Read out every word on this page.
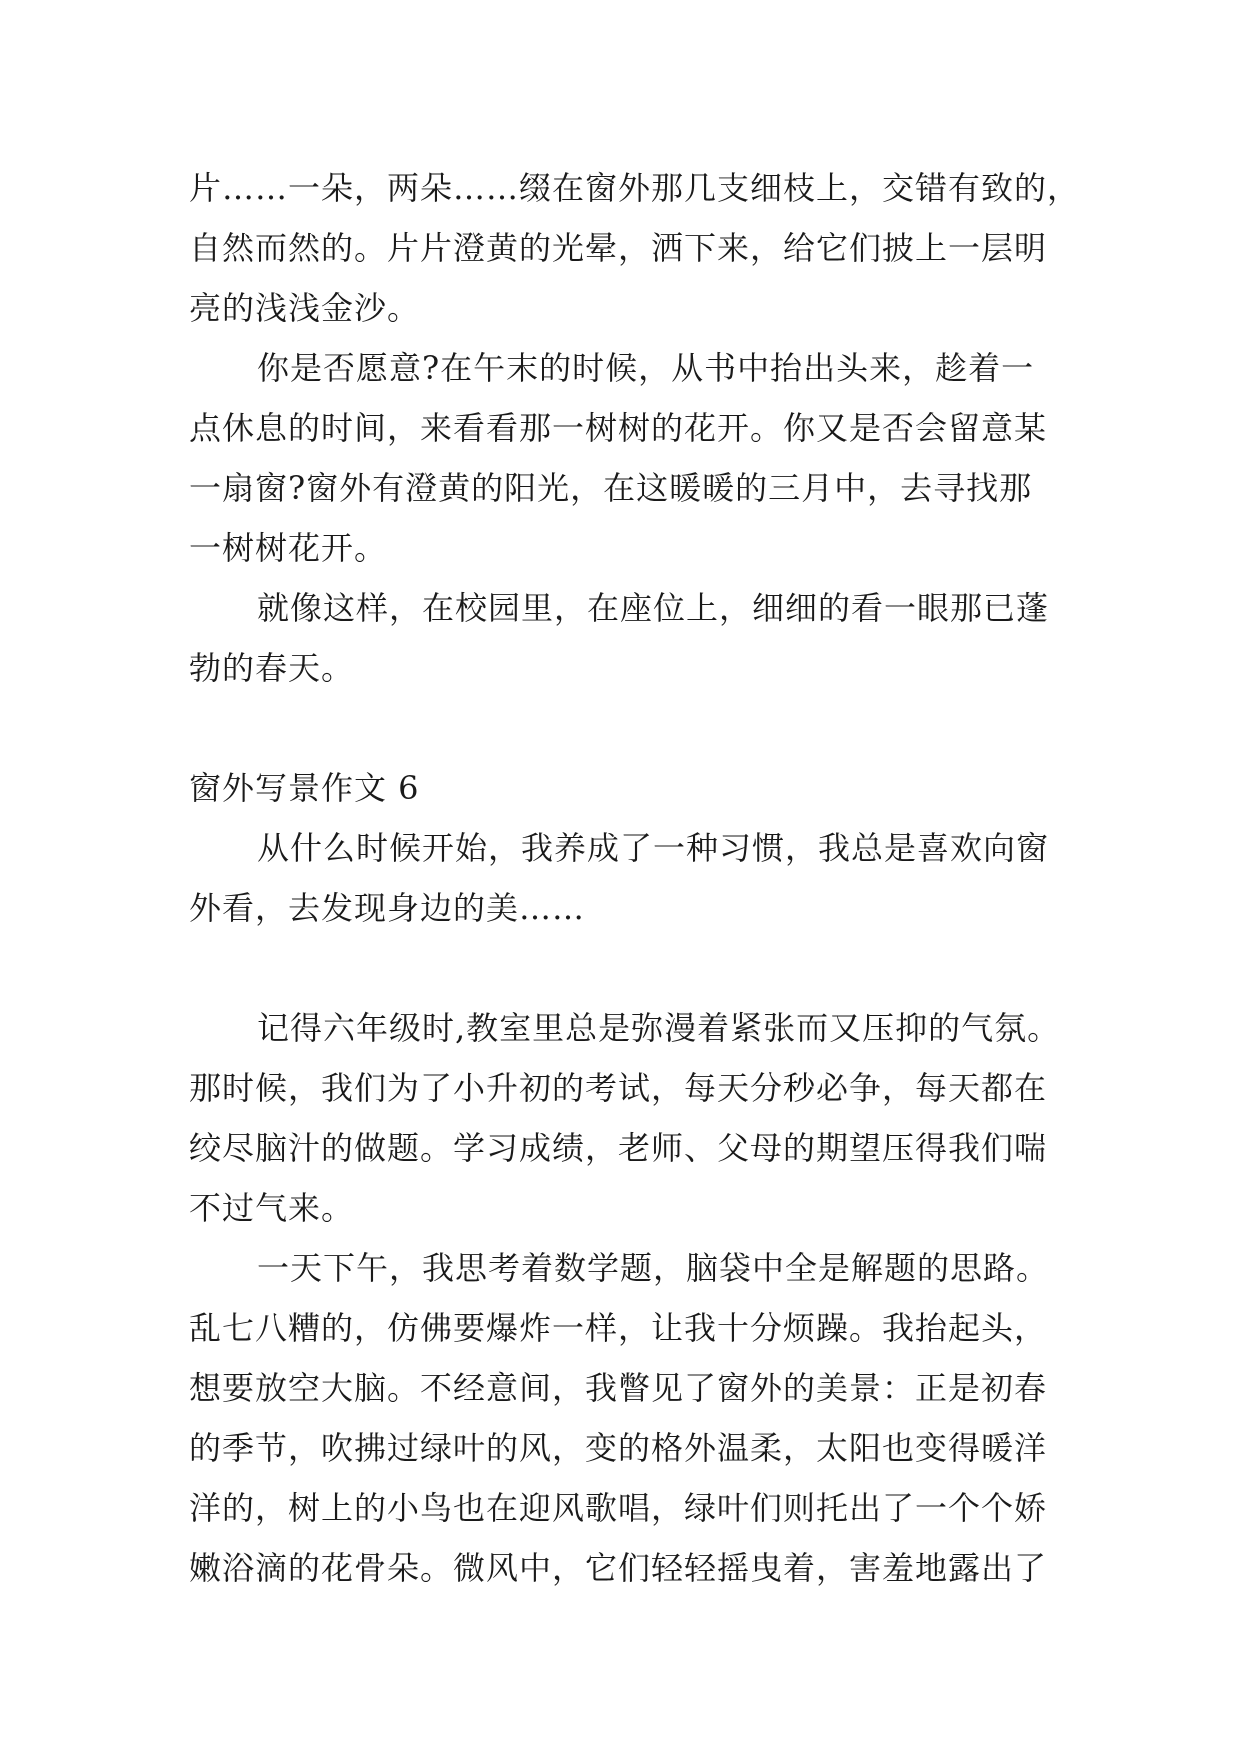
片……一朵，两朵……缀在窗外那几支细枝上，交错有致的，
自然而然的。片片澄黄的光晕，洒下来，给它们披上一层明
亮的浅浅金沙。
你是否愿意?在午末的时候，从书中抬出头来，趁着一
点休息的时间，来看看那一树树的花开。你又是否会留意某
一扇窗?窗外有澄黄的阳光，在这暖暖的三月中，去寻找那
一树树花开。
就像这样，在校园里，在座位上，细细的看一眼那已蓬
勃的春天。
窗外写景作文 6
从什么时候开始，我养成了一种习惯，我总是喜欢向窗
外看，去发现身边的美……
记得六年级时,教室里总是弥漫着紧张而又压抑的气氛。
那时候，我们为了小升初的考试，每天分秒必争，每天都在
绞尽脑汁的做题。学习成绩，老师、父母的期望压得我们喘
不过气来。
一天下午，我思考着数学题，脑袋中全是解题的思路。
乱七八糟的，仿佛要爆炸一样，让我十分烦躁。我抬起头，
想要放空大脑。不经意间，我瞥见了窗外的美景：正是初春
的季节，吹拂过绿叶的风，变的格外温柔，太阳也变得暖洋
洋的，树上的小鸟也在迎风歌唱，绿叶们则托出了一个个娇
嫩浴滴的花骨朵。微风中，它们轻轻摇曳着，害羞地露出了
